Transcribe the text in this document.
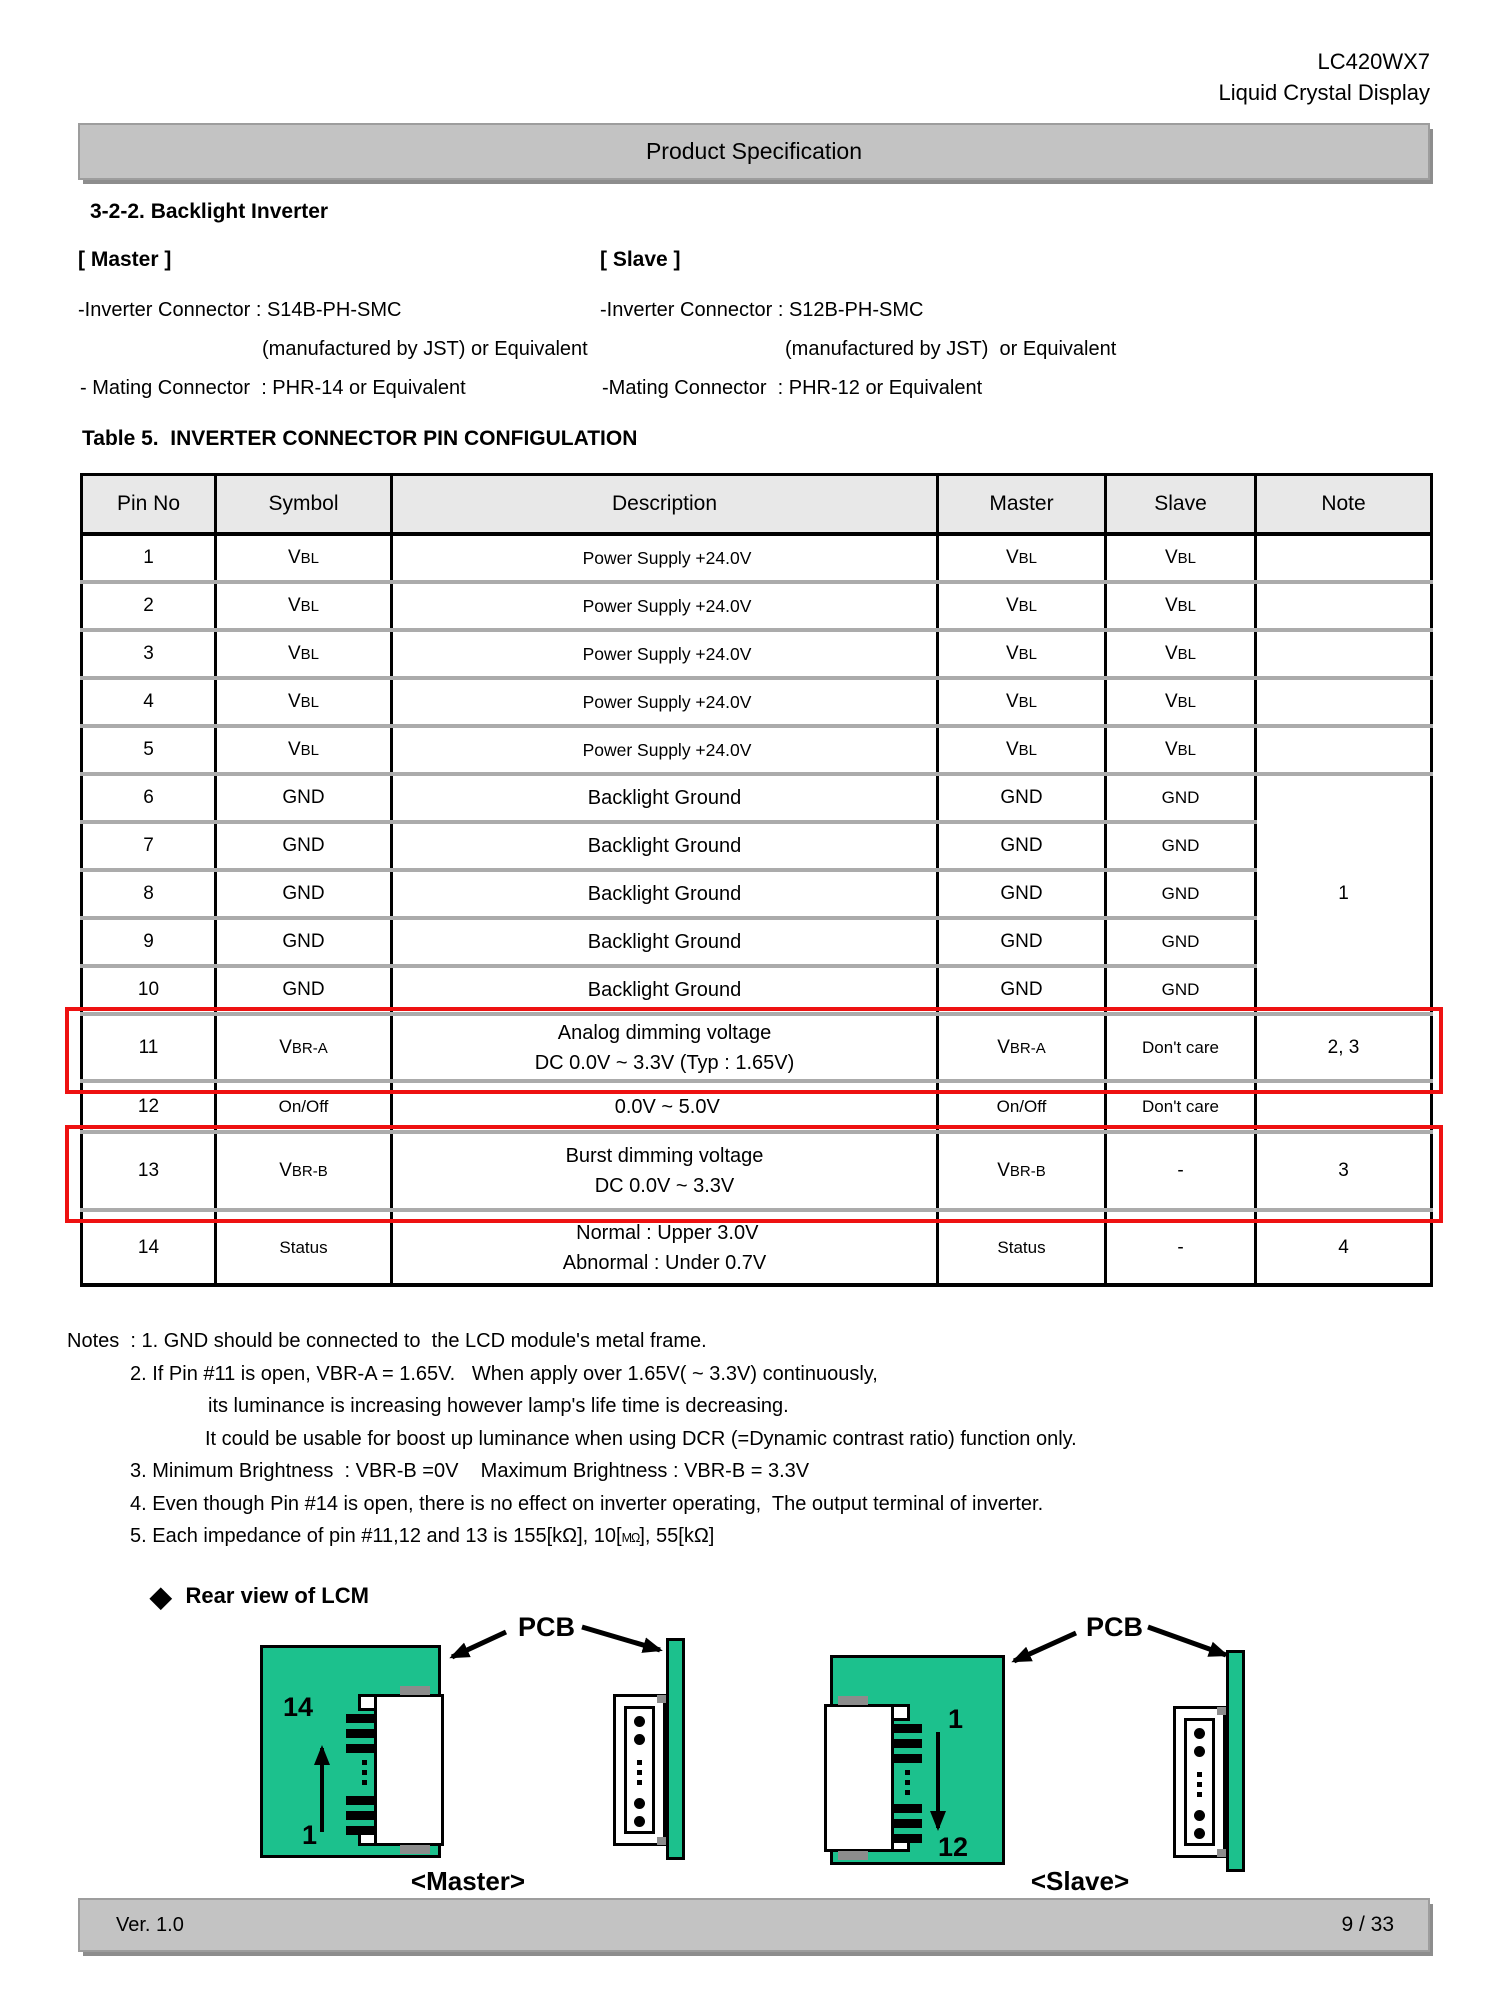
LC420WX7
Liquid Crystal Display
Product Specification
3-2-2. Backlight Inverter
[ Master ]
-Inverter Connector : S14B-PH-SMC
(manufactured by JST) or Equivalent
- Mating Connector  : PHR-14 or Equivalent
[ Slave ]
-Inverter Connector : S12B-PH-SMC
(manufactured by JST)  or Equivalent
-Mating Connector  : PHR-12 or Equivalent
Table 5.  INVERTER CONNECTOR PIN CONFIGULATION
Pin No	Symbol	Description	Master	Slave	Note
1	VBL	Power Supply +24.0V	VBL	VBL	
2	VBL	Power Supply +24.0V	VBL	VBL	
3	VBL	Power Supply +24.0V	VBL	VBL	
4	VBL	Power Supply +24.0V	VBL	VBL	
5	VBL	Power Supply +24.0V	VBL	VBL	
6	GND	Backlight Ground	GND	GND	1
7	GND	Backlight Ground	GND	GND	
8	GND	Backlight Ground	GND	GND	
9	GND	Backlight Ground	GND	GND	
10	GND	Backlight Ground	GND	GND	
11	VBR-A	Analog dimming voltage
DC 0.0V ~ 3.3V (Typ : 1.65V)	VBR-A	Don't care	2, 3
12	On/Off	0.0V ~ 5.0V	On/Off	Don't care	
13	VBR-B	Burst dimming voltage
DC 0.0V ~ 3.3V	VBR-B	-	3
14	Status	Normal : Upper 3.0V
Abnormal : Under 0.7V	Status	-	4
Notes  : 1. GND should be connected to  the LCD module's metal frame.
2. If Pin #11 is open, VBR-A = 1.65V.   When apply over 1.65V( ~ 3.3V) continuously,
its luminance is increasing however lamp's life time is decreasing.
It could be usable for boost up luminance when using DCR (=Dynamic contrast ratio) function only.
3. Minimum Brightness  : VBR-B =0V    Maximum Brightness : VBR-B = 3.3V
4. Even though Pin #14 is open, there is no effect on inverter operating,  The output terminal of inverter.
5. Each impedance of pin #11,12 and 13 is 155[kΩ], 10[MΩ], 55[kΩ]
◆ Rear view of LCM
PCB	PCB
14
1
<Master>
1
12
<Slave>
Ver. 1.0	9 / 33
